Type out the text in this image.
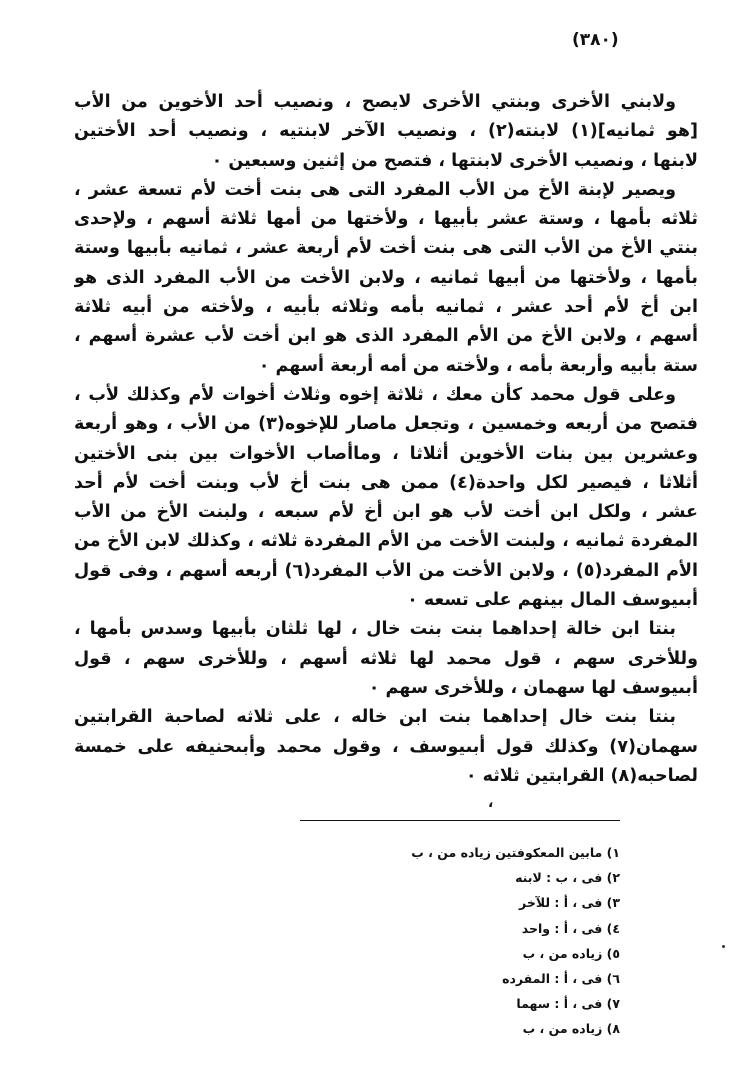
(٣٨٠)
ولابني الأخرى وبنتي الأخرى لايصح ، ونصيب أحد الأخوين من الأب
[هو ثمانيه](١) لابنته(٢) ، ونصيب الآخر لابنتيه ، ونصيب أحد الأختين
لابنها ، ونصيب الأخرى لابنتها ، فتصح من إثنين وسبعين ٠
ويصير لإبنة الأخ من الأب المفرد التى هى بنت أخت لأم تسعة عشر ،
ثلاثه بأمها ، وستة عشر بأبيها ، ولأختها من أمها ثلاثة أسهم ، ولإحدى
بنتي الأخ من الأب التى هى بنت أخت لأم أربعة عشر ، ثمانيه بأبيها وستة
بأمها ، ولأختها من أبيها ثمانيه ، ولابن الأخت من الأب المفرد الذى هو
ابن أخ لأم أحد عشر ، ثمانيه بأمه وثلاثه بأبيه ، ولأخته من أبيه ثلاثة
أسهم ، ولابن الأخ من الأم المفرد الذى هو ابن أخت لأب عشرة أسهم ،
ستة بأبيه وأربعة بأمه ، ولأخته من أمه أربعة أسهم ٠
وعلى قول محمد كأن معك ، ثلاثة إخوه وثلاث أخوات لأم وكذلك لأب ،
فتصح من أربعه وخمسين ، وتجعل ماصار للإخوه(٣) من الأب ، وهو أربعة
وعشرين بين بنات الأخوين أثلاثا ، وماأصاب الأخوات بين بنى الأختين
أثلاثا ، فيصير لكل واحدة(٤) ممن هى بنت أخ لأب وبنت أخت لأم أحد
عشر ، ولكل ابن أخت لأب هو ابن أخ لأم سبعه ، ولبنت الأخ من الأب
المفردة ثمانيه ، ولبنت الأخت من الأم المفردة ثلاثه ، وكذلك لابن الأخ من
الأم المفرد(٥) ، ولابن الأخت من الأب المفرد(٦) أربعه أسهم ، وفى قول
أبىيوسف المال بينهم على تسعه ٠
بنتا ابن خالة إحداهما بنت بنت خال ، لها ثلثان بأبيها وسدس بأمها ،
وللأخرى سهم ، قول محمد لها ثلاثه أسهم ، وللأخرى سهم ، قول
أبىيوسف لها سهمان ، وللأخرى سهم ٠
بنتا بنت خال إحداهما بنت ابن خاله ، على ثلاثه لصاحبة القرابتين
سهمان(٧) وكذلك قول أبىيوسف ، وقول محمد وأبىحنيفه على خمسة
لصاحبه(٨) القرابتين ثلاثه ٠
،
١) مابين المعكوفتين زياده من ، ب
٢) فى ، ب : لابنه
٣) فى ، أ : للآخر
٤) فى ، أ : واحد
٥) زياده من ، ب
٦) فى ، أ : المفرده
٧) فى ، أ : سهما
٨) زياده من ، ب
